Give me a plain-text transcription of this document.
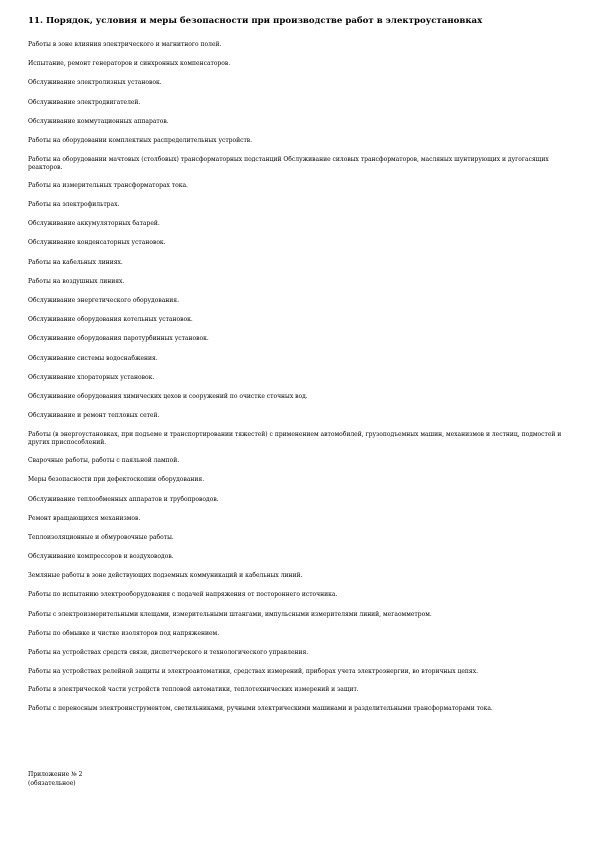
11. Порядок, условия и меры безопасности при производстве работ в электроустановках
Работы в зоне влияния электрического и магнитного полей.
Испытание, ремонт генераторов и синхронных компенсаторов.
Обслуживание электролизных установок.
Обслуживание электродвигателей.
Обслуживание коммутационных аппаратов.
Работы на оборудовании комплектных распределительных устройств.
Работы на оборудовании мачтовых (столбовых) трансформаторных подстанций Обслуживание силовых трансформаторов, масляных шунтирующих и дугогасящих реакторов.
Работы на измерительных трансформаторах тока.
Работы на электрофильтрах.
Обслуживание аккумуляторных батарей.
Обслуживание конденсаторных установок.
Работы на кабельных линиях.
Работы на воздушных линиях.
Обслуживание энергетического оборудования.
Обслуживание оборудования котельных установок.
Обслуживание оборудования паротурбинных установок.
Обслуживание системы водоснабжения.
Обслуживание хлораторных установок.
Обслуживание оборудования химических цехов и сооружений по очистке сточных вод.
Обслуживание и ремонт тепловых сетей.
Работы (в энергоустановках, при подъеме и транспортировании тяжестей) с применением автомобилей, грузоподъемных машин, механизмов и лестниц, подмостей и других приспособлений.
Сварочные работы, работы с паяльной лампой.
Меры безопасности при дефектоскопии оборудования.
Обслуживание теплообменных аппаратов и трубопроводов.
Ремонт вращающихся механизмов.
Теплоизоляционные и обмуровочные работы.
Обслуживание компрессоров и воздуховодов.
Земляные работы в зоне действующих подземных коммуникаций и кабельных линий.
Работы по испытанию электрооборудования с подачей напряжения от постороннего источника.
Работы с электроизмерительными клещами, измерительными штангами, импульсными измерителями линий, мегаомметром.
Работы по обмывке и чистке изоляторов под напряжением.
Работы на устройствах средств связи, диспетчерского и технологического управления.
Работы на устройствах релейной защиты и электроавтоматики, средствах измерений, приборах учета электроэнергии, во вторичных цепях.
Работы в электрической части устройств тепловой автоматики, теплотехнических измерений и защит.
Работы с переносным электроинструментом, светильниками, ручными электрическими машинами и разделительными трансформаторами тока.
Приложение № 2
(обязательное)
